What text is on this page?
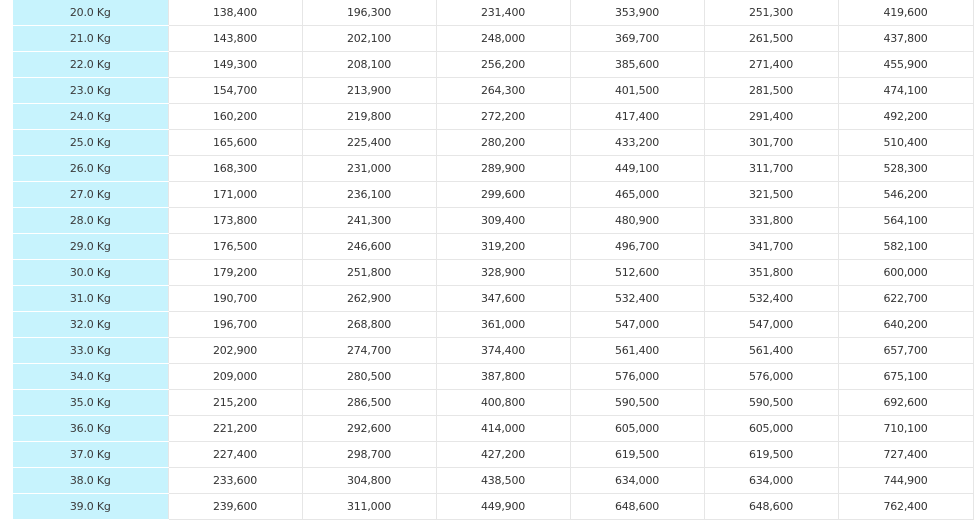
20.0 Kg	138,400	196,300	231,400	353,900	251,300	419,600
21.0 Kg	143,800	202,100	248,000	369,700	261,500	437,800
22.0 Kg	149,300	208,100	256,200	385,600	271,400	455,900
23.0 Kg	154,700	213,900	264,300	401,500	281,500	474,100
24.0 Kg	160,200	219,800	272,200	417,400	291,400	492,200
25.0 Kg	165,600	225,400	280,200	433,200	301,700	510,400
26.0 Kg	168,300	231,000	289,900	449,100	311,700	528,300
27.0 Kg	171,000	236,100	299,600	465,000	321,500	546,200
28.0 Kg	173,800	241,300	309,400	480,900	331,800	564,100
29.0 Kg	176,500	246,600	319,200	496,700	341,700	582,100
30.0 Kg	179,200	251,800	328,900	512,600	351,800	600,000
31.0 Kg	190,700	262,900	347,600	532,400	532,400	622,700
32.0 Kg	196,700	268,800	361,000	547,000	547,000	640,200
33.0 Kg	202,900	274,700	374,400	561,400	561,400	657,700
34.0 Kg	209,000	280,500	387,800	576,000	576,000	675,100
35.0 Kg	215,200	286,500	400,800	590,500	590,500	692,600
36.0 Kg	221,200	292,600	414,000	605,000	605,000	710,100
37.0 Kg	227,400	298,700	427,200	619,500	619,500	727,400
38.0 Kg	233,600	304,800	438,500	634,000	634,000	744,900
39.0 Kg	239,600	311,000	449,900	648,600	648,600	762,400
